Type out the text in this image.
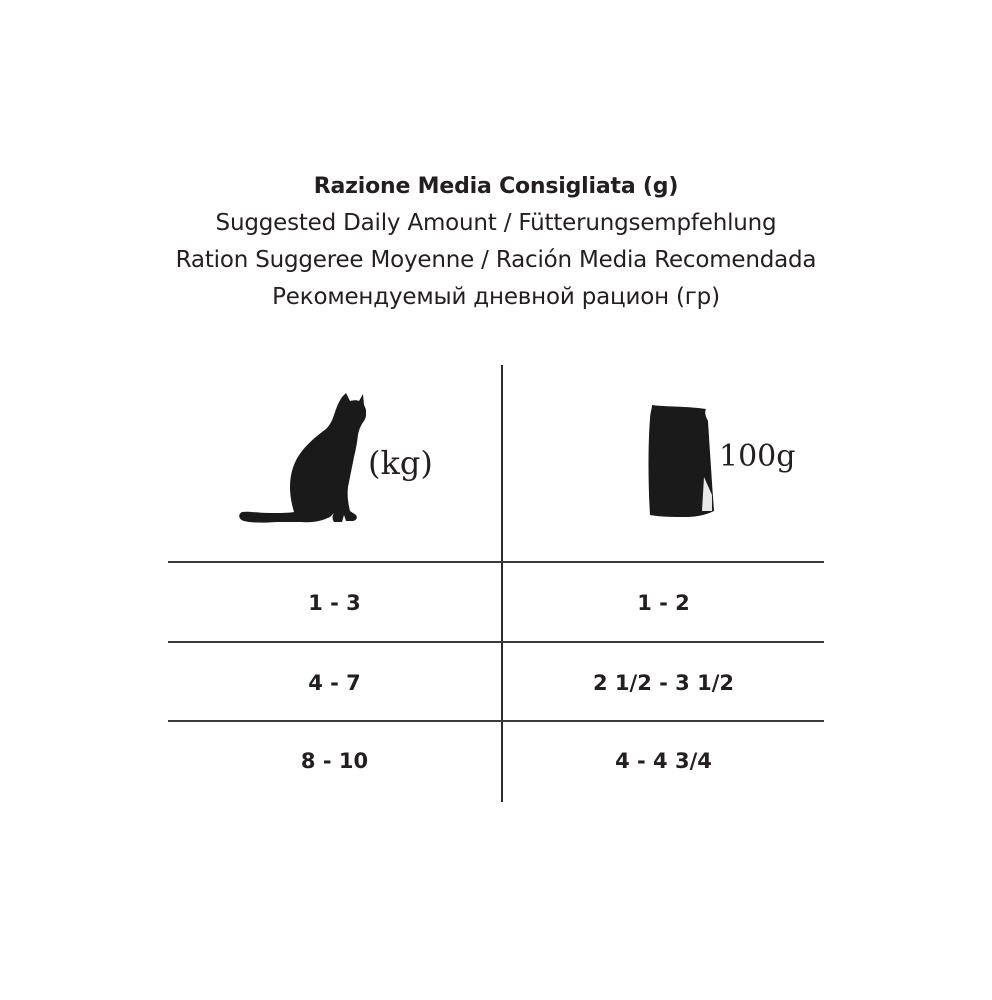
Razione Media Consigliata (g)
Suggested Daily Amount / Fütterungsempfehlung
Ration Suggeree Moyenne / Ración Media Recomendada
Рекомендуемый дневной рацион (гр)
(kg)	100g
1 - 3	1 - 2
4 - 7	2 1/2 - 3 1/2
8 - 10	4 - 4 3/4
